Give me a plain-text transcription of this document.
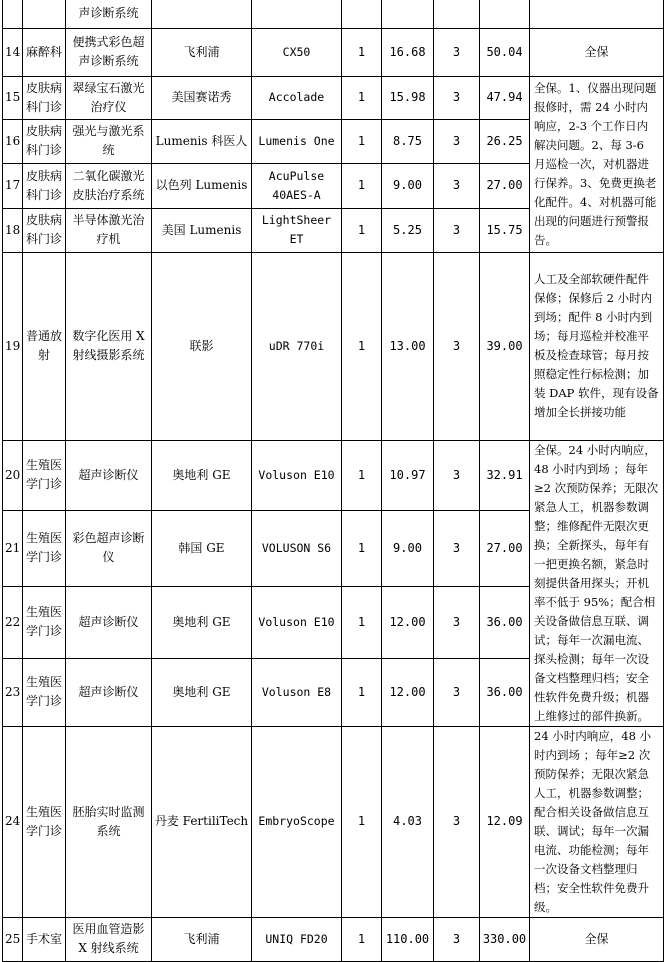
		声诊断系统							
14	麻醉科	便携式彩色超声诊断系统	飞利浦	CX50	1	16.68	3	50.04	全保
15	皮肤病科门诊	翠绿宝石激光治疗仪	美国赛诺秀	Accolade	1	15.98	3	47.94	全保。1、仪器出现问题报修时，需 24 小时内响应，2-3 个工作日内解决问题。2、每 3-6 月巡检一次，对机器进行保养。3、免费更换老化配件。4、对机器可能出现的问题进行预警报告。
16	皮肤病科门诊	强光与激光系统	Lumenis 科医人	Lumenis One	1	8.75	3	26.25	
17	皮肤病科门诊	二氧化碳激光皮肤治疗系统	以色列 Lumenis	AcuPulse 40AES-A	1	9.00	3	27.00	
18	皮肤病科门诊	半导体激光治疗机	美国 Lumenis	LightSheer ET	1	5.25	3	15.75	
19	普通放射	数字化医用 X 射线摄影系统	联影	uDR 770i	1	13.00	3	39.00	人工及全部软硬件配件保修；保修后 2 小时内到场；配件 8 小时内到场；每月巡检并校准平板及检查球管；每月按照稳定性行标检测；加装 DAP 软件，现有设备增加全长拼接功能
20	生殖医学门诊	超声诊断仪	奥地利 GE	Voluson E10	1	10.97	3	32.91	全保。24 小时内响应，48 小时内到场 ；每年≥2 次预防保养；无限次紧急人工，机器参数调整；维修配件无限次更换；全新探头，每年有一把更换名额，紧急时刻提供备用探头；开机率不低于 95%；配合相关设备做信息互联、调试；每年一次漏电流、探头检测；每年一次设备文档整理归档；安全性软件免费升级；机器上维修过的部件换新。
21	生殖医学门诊	彩色超声诊断仪	韩国 GE	VOLUSON S6	1	9.00	3	27.00	
22	生殖医学门诊	超声诊断仪	奥地利 GE	Voluson E10	1	12.00	3	36.00	
23	生殖医学门诊	超声诊断仪	奥地利 GE	Voluson E8	1	12.00	3	36.00	
24	生殖医学门诊	胚胎实时监测系统	丹麦 FertiliTech	EmbryoScope	1	4.03	3	12.09	24 小时内响应，48 小时内到场 ；每年≥2 次预防保养；无限次紧急人工，机器参数调整；配合相关设备做信息互联、调试；每年一次漏电流、功能检测；每年一次设备文档整理归档；安全性软件免费升级。
25	手术室	医用血管造影 X 射线系统	飞利浦	UNIQ FD20	1	110.00	3	330.00	全保
